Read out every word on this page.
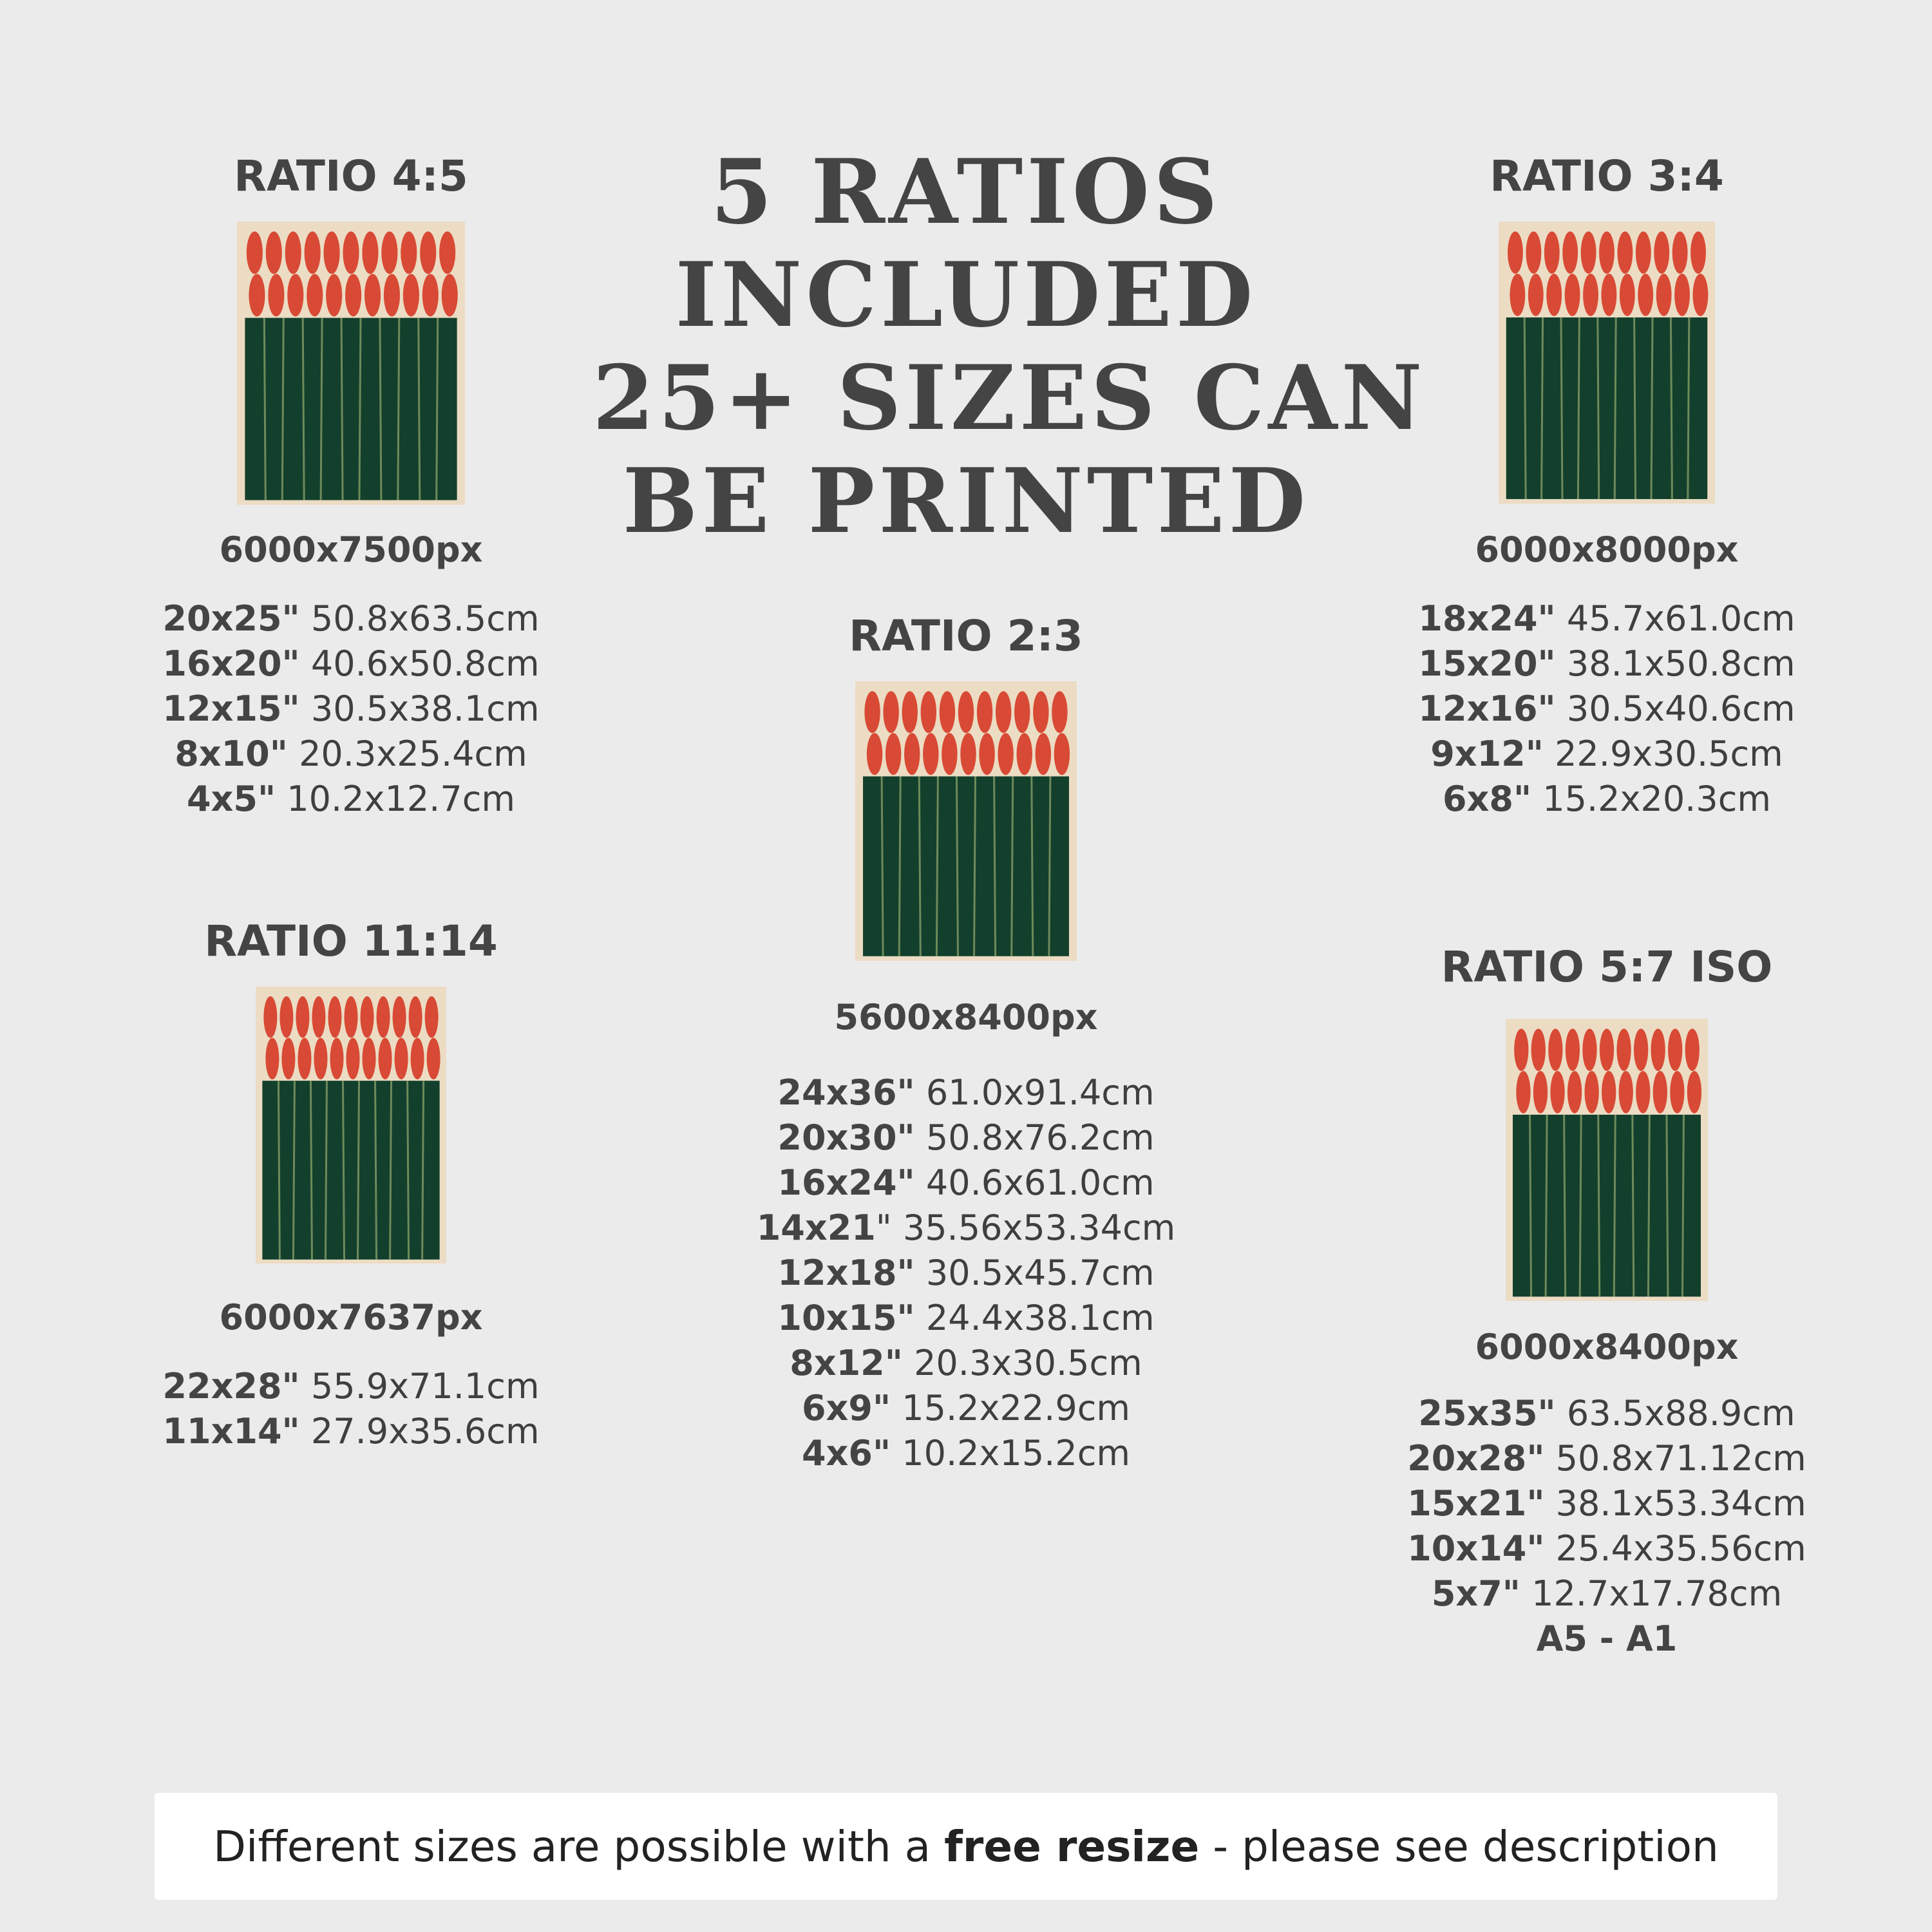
5 RATIOS
INCLUDED
25+ SIZES CAN
BE PRINTED
RATIO 4:5
6000x7500px
20x25" 50.8x63.5cm
16x20" 40.6x50.8cm
12x15" 30.5x38.1cm
8x10" 20.3x25.4cm
4x5" 10.2x12.7cm
RATIO 11:14
6000x7637px
22x28" 55.9x71.1cm
11x14" 27.9x35.6cm
RATIO 2:3
5600x8400px
24x36" 61.0x91.4cm
20x30" 50.8x76.2cm
16x24" 40.6x61.0cm
14x21" 35.56x53.34cm
12x18" 30.5x45.7cm
10x15" 24.4x38.1cm
8x12" 20.3x30.5cm
6x9" 15.2x22.9cm
4x6" 10.2x15.2cm
RATIO 3:4
6000x8000px
18x24" 45.7x61.0cm
15x20" 38.1x50.8cm
12x16" 30.5x40.6cm
9x12" 22.9x30.5cm
6x8" 15.2x20.3cm
RATIO 5:7 ISO
6000x8400px
25x35" 63.5x88.9cm
20x28" 50.8x71.12cm
15x21" 38.1x53.34cm
10x14" 25.4x35.56cm
5x7" 12.7x17.78cm
A5 - A1
Different sizes are possible with a free resize - please see description
